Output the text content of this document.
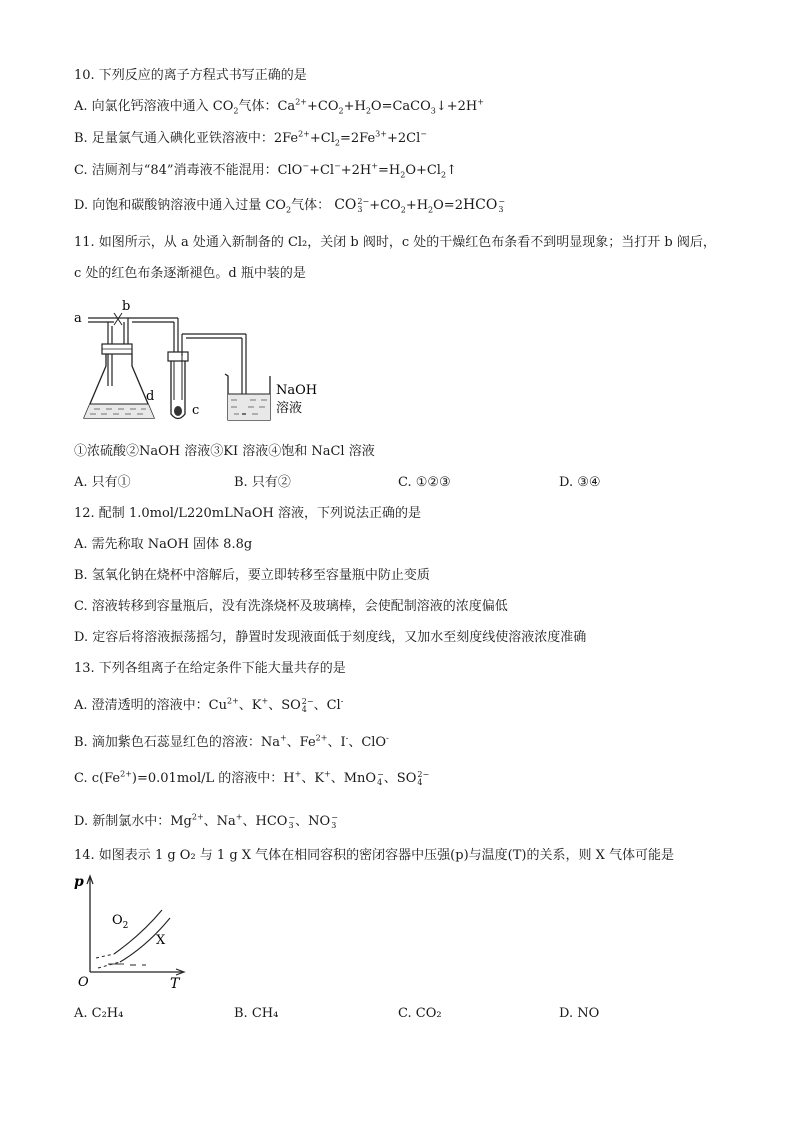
10. 下列反应的离子方程式书写正确的是
A. 向氯化钙溶液中通入 $CO_2$气体：$Ca^{2+}+CO_2+H_2O=CaCO_3↓+2H^+$
B. 足量氯气通入碘化亚铁溶液中：$2Fe^{2+}+Cl_2=2Fe^{3+}+2Cl^-$
C. 洁厕剂与“84”消毒液不能混用：$ClO^-+Cl^-+2H^+=H_2O+Cl_2↑$
D. 向饱和碳酸钠溶液中通入过量 $CO_2$气体： CO 2−
$3 +CO_2+H_2O=2HCO$ −
3
11. 如图所示，从 a 处通入新制备的 Cl₂，关闭 b 阀时，c 处的干燥红色布条看不到明显现象；当打开 b 阀后，
c 处的红色布条逐渐褪色。d 瓶中装的是
a
b
c
d	NaOH
溶液
①浓硫酸②NaOH 溶液③KI 溶液④饱和 NaCl 溶液
A. 只有①	B. 只有②	C. ①②③	D. ③④
12. 配制 1.0mol/L220mLNaOH 溶液，下列说法正确的是
A. 需先称取 NaOH 固体 8.8g
B. 氢氧化钠在烧杯中溶解后，要立即转移至容量瓶中防止变质
C. 溶液转移到容量瓶后，没有洗涤烧杯及玻璃棒，会使配制溶液的浓度偏低
D. 定容后将溶液振荡摇匀，静置时发现液面低于刻度线，又加水至刻度线使溶液浓度准确
13. 下列各组离子在给定条件下能大量共存的是
A. 澄清透明的溶液中：$Cu^{2+}$、K+、SO 2−
4 、Cl-
B. 滴加紫色石蕊显红色的溶液：Na+、$Fe^{2+}$、I-、ClO-
C. $c(Fe^{2+})=0.01mol/L$ 的溶液中：H+、K+、MnO −
4 、SO 2−
4
D. 新制氯水中：$Mg^{2+}$、Na+、HCO −
3 、NO −
3
14. 如图表示 1 g O₂ 与 1 g X 气体在相同容积的密闭容器中压强(p)与温度(T)的关系，则 X 气体可能是
p
T
O
$O_2$
X
A. C₂H₄	B. CH₄	C. CO₂	D. NO
